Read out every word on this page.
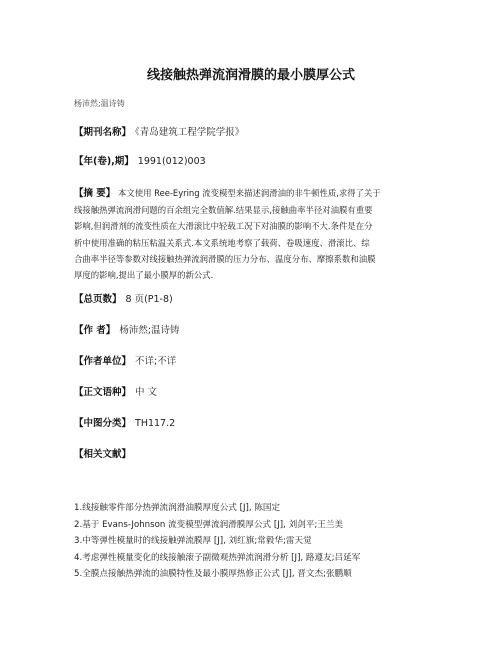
线接触热弹流润滑膜的最小膜厚公式
杨沛然;温诗铸
【期刊名称】 《青岛建筑工程学院学报》
【年(卷),期】 1991(012)003
【摘 要】 本文使用 Ree-Eyring 流变模型来描述润滑油的非牛顿性质,求得了关于
线接触热弹流润滑问题的百余组完全数值解.结果显示,接触曲率半径对油膜有重要
影响,但润滑剂的流变性质在大滑滚比中轻载工况下对油膜的影响不大.条件是在分
析中使用准确的粘压粘温关系式.本文系统地考察了载荷、卷吸速度、滑滚比、综
合曲率半径等参数对线接触热弹流润滑膜的压力分布、温度分布、摩擦系数和油膜
厚度的影响,提出了最小膜厚的新公式.
【总页数】 8 页(P1-8)
【作 者】 杨沛然;温诗铸
【作者单位】 不详;不详
【正文语种】 中 文
【中图分类】 TH117.2
【相关文献】
1.线接触零件部分热弹流润滑油膜厚度公式 [J], 陈国定
2.基于 Evans-Johnson 流变模型弹流润滑膜厚公式 [J], 刘剑平;王兰美
3.中等弹性模量时的线接触弹流膜厚 [J], 刘红旗;常毅华;雷天觉
4.考虑弹性模量变化的线接触滚子副微观热弹流润滑分析 [J], 路遵友;吕延军
5.全膜点接触热弹流的油膜特性及最小膜厚热修正公式 [J], 晋文杰;张鹏顺
